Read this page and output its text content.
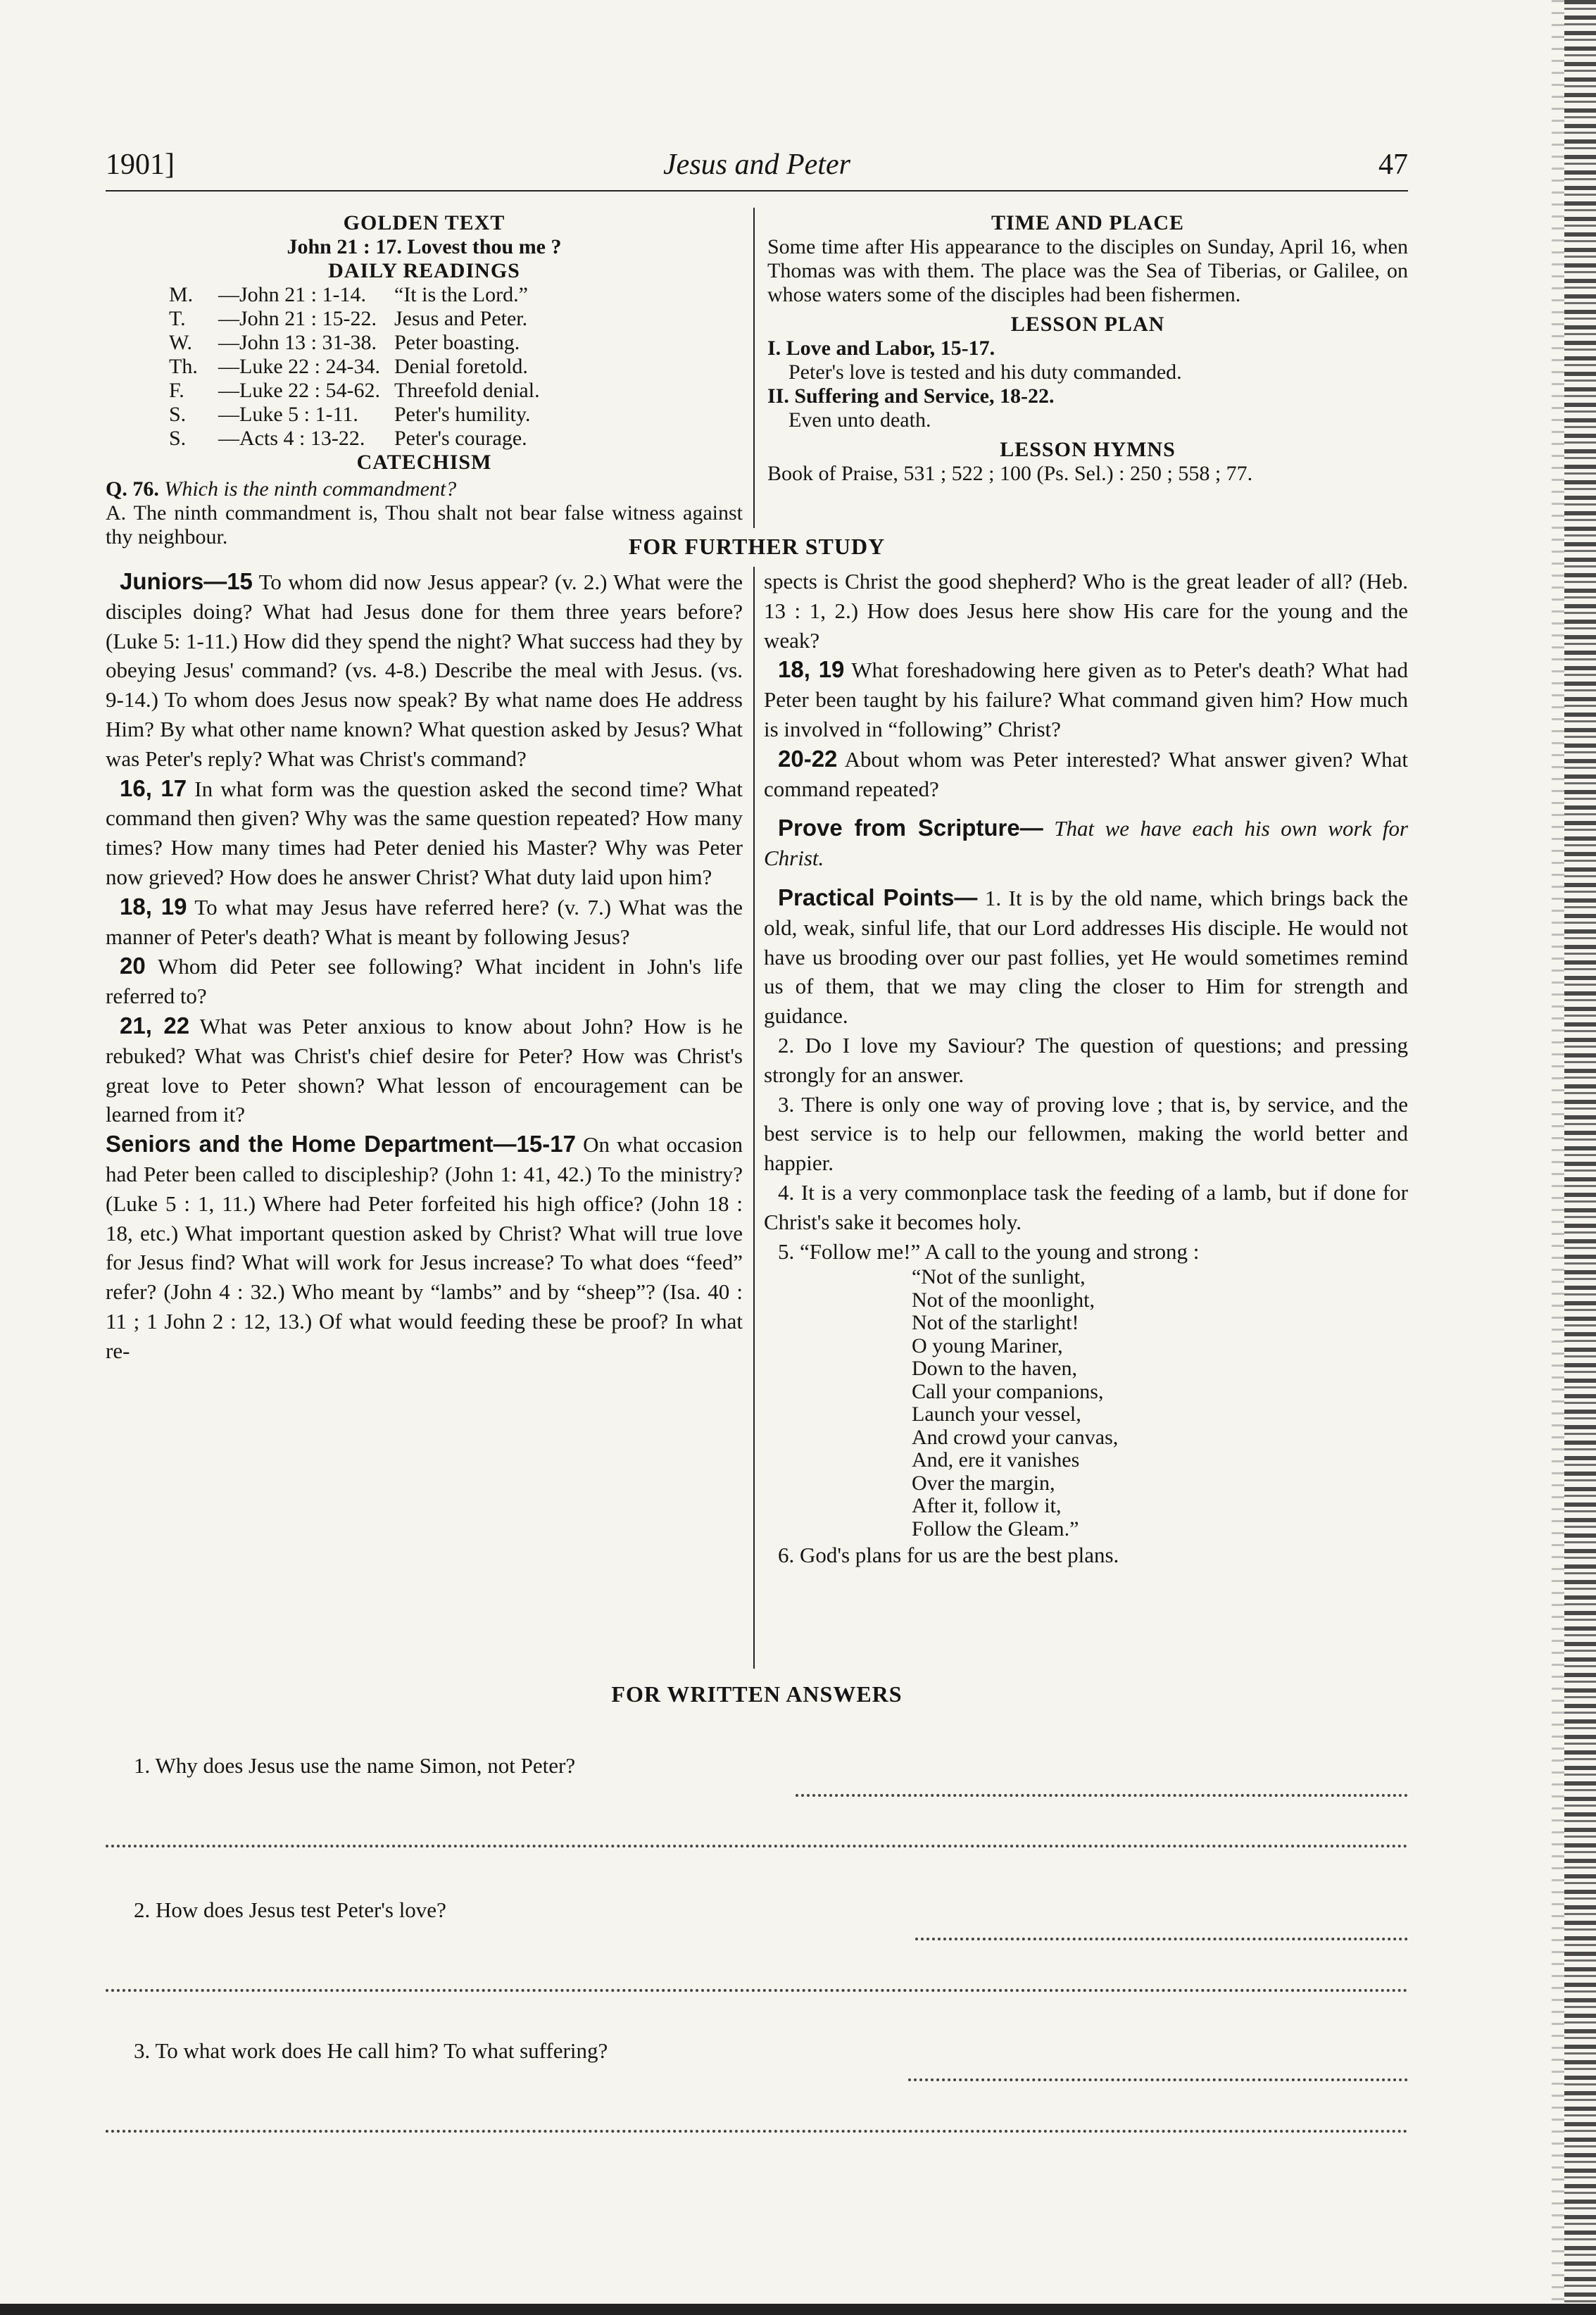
1901]	Jesus and Peter	47
GOLDEN TEXT
John 21 : 17. Lovest thou me ?
DAILY READINGS
M.	—John 21 : 1-14.	“It is the Lord.”
T.	—John 21 : 15-22. Jesus and Peter.
W.	—John 13 : 31-38. Peter boasting.
Th. —Luke 22 : 24-34. Denial foretold.
F.	—Luke 22 : 54-62. Threefold denial.
S.	—Luke 5 : 1-11.	Peter's humility.
S.	—Acts 4 : 13-22.	Peter's courage.
CATECHISM
Q. 76. Which is the ninth commandment?
A. The ninth commandment is, Thou shalt not bear false witness against thy neighbour.
TIME AND PLACE
Some time after His appearance to the disciples on Sunday, April 16, when Thomas was with them. The place was the Sea of Tiberias, or Galilee, on whose waters some of the disciples had been fishermen.
LESSON PLAN
I. Love and Labor, 15-17.
Peter's love is tested and his duty commanded.
II. Suffering and Service, 18-22.
Even unto death.
LESSON HYMNS
Book of Praise, 531 ; 522 ; 100 (Ps. Sel.) : 250 ; 558 ; 77.
FOR FURTHER STUDY

Juniors—15 To whom did now Jesus appear? (v. 2.) What were the disciples doing? What had Jesus done for them three years before? (Luke 5: 1-11.) How did they spend the night? What success had they by obeying Jesus' command? (vs. 4-8.) Describe the meal with Jesus. (vs. 9-14.) To whom does Jesus now speak? By what name does He address Him? By what other name known? What question asked by Jesus? What was Peter's reply? What was Christ's command?

16, 17 In what form was the question asked the second time? What command then given? Why was the same question repeated? How many times? How many times had Peter denied his Master? Why was Peter now grieved? How does he answer Christ? What duty laid upon him?

18, 19 To what may Jesus have referred here? (v. 7.) What was the manner of Peter's death? What is meant by following Jesus?

20 Whom did Peter see following? What incident in John's life referred to?

21, 22 What was Peter anxious to know about John? How is he rebuked? What was Christ's chief desire for Peter? How was Christ's great love to Peter shown? What lesson of encouragement can be learned from it?

Seniors and the Home Department—15-17 On what occasion had Peter been called to discipleship? (John 1: 41, 42.) To the ministry? (Luke 5 : 1, 11.) Where had Peter forfeited his high office? (John 18 : 18, etc.) What important question asked by Christ? What will true love for Jesus find? What will work for Jesus increase? To what does “feed” refer? (John 4 : 32.) Who meant by “lambs” and by “sheep”? (Isa. 40 : 11 ; 1 John 2 : 12, 13.) Of what would feeding these be proof? In what re-

spects is Christ the good shepherd? Who is the great leader of all? (Heb. 13 : 1, 2.) How does Jesus here show His care for the young and the weak?

18, 19 What foreshadowing here given as to Peter's death? What had Peter been taught by his failure? What command given him? How much is involved in “following” Christ?

20-22 About whom was Peter interested? What answer given? What command repeated?

Prove from Scripture— That we have each his own work for Christ.

Practical Points— 1. It is by the old name, which brings back the old, weak, sinful life, that our Lord addresses His disciple. He would not have us brooding over our past follies, yet He would sometimes remind us of them, that we may cling the closer to Him for strength and guidance.

2. Do I love my Saviour? The question of questions; and pressing strongly for an answer.

3. There is only one way of proving love ; that is, by service, and the best service is to help our fellowmen, making the world better and happier.

4. It is a very commonplace task the feeding of a lamb, but if done for Christ's sake it becomes holy.

5. “Follow me!” A call to the young and strong :

“Not of the sunlight,
Not of the moonlight,
Not of the starlight!
O young Mariner,
Down to the haven,
Call your companions,
Launch your vessel,
And crowd your canvas,
And, ere it vanishes
Over the margin,
After it, follow it,
Follow the Gleam.”

6. God's plans for us are the best plans.

FOR WRITTEN ANSWERS
1. Why does Jesus use the name Simon, not Peter?
2. How does Jesus test Peter's love?
3. To what work does He call him? To what suffering?
